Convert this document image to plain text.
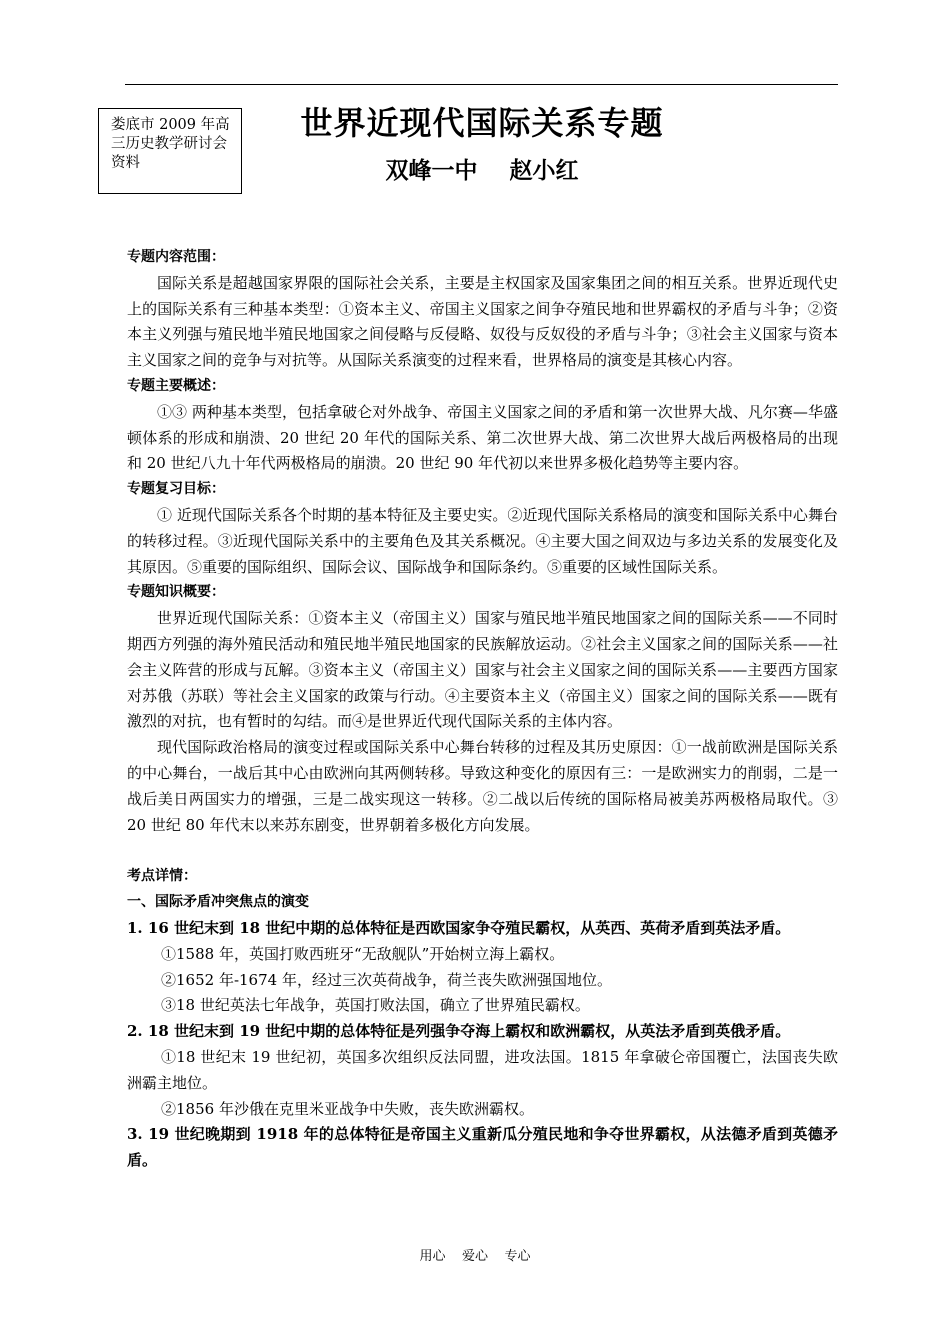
娄底市 2009 年高三历史教学研讨会资料
世界近现代国际关系专题
双峰一中    赵小红

专题内容范围：

国际关系是超越国家界限的国际社会关系，主要是主权国家及国家集团之间的相互关系。世界近现代史上的国际关系有三种基本类型：①资本主义、帝国主义国家之间争夺殖民地和世界霸权的矛盾与斗争；②资本主义列强与殖民地半殖民地国家之间侵略与反侵略、奴役与反奴役的矛盾与斗争；③社会主义国家与资本主义国家之间的竞争与对抗等。从国际关系演变的过程来看，世界格局的演变是其核心内容。

专题主要概述：

①③ 两种基本类型，包括拿破仑对外战争、帝国主义国家之间的矛盾和第一次世界大战、凡尔赛—华盛顿体系的形成和崩溃、20 世纪 20 年代的国际关系、第二次世界大战、第二次世界大战后两极格局的出现和 20 世纪八九十年代两极格局的崩溃。20 世纪 90 年代初以来世界多极化趋势等主要内容。

专题复习目标：

① 近现代国际关系各个时期的基本特征及主要史实。②近现代国际关系格局的演变和国际关系中心舞台的转移过程。③近现代国际关系中的主要角色及其关系概况。④主要大国之间双边与多边关系的发展变化及其原因。⑤重要的国际组织、国际会议、国际战争和国际条约。⑤重要的区域性国际关系。

专题知识概要：

世界近现代国际关系：①资本主义（帝国主义）国家与殖民地半殖民地国家之间的国际关系——不同时期西方列强的海外殖民活动和殖民地半殖民地国家的民族解放运动。②社会主义国家之间的国际关系——社会主义阵营的形成与瓦解。③资本主义（帝国主义）国家与社会主义国家之间的国际关系——主要西方国家对苏俄（苏联）等社会主义国家的政策与行动。④主要资本主义（帝国主义）国家之间的国际关系——既有激烈的对抗，也有暂时的勾结。而④是世界近代现代国际关系的主体内容。

现代国际政治格局的演变过程或国际关系中心舞台转移的过程及其历史原因：①一战前欧洲是国际关系的中心舞台，一战后其中心由欧洲向其两侧转移。导致这种变化的原因有三：一是欧洲实力的削弱，二是一战后美日两国实力的增强，三是二战实现这一转移。②二战以后传统的国际格局被美苏两极格局取代。③ 20 世纪 80 年代末以来苏东剧变，世界朝着多极化方向发展。

考点详情：

一、国际矛盾冲突焦点的演变

1. 16 世纪末到 18 世纪中期的总体特征是西欧国家争夺殖民霸权，从英西、英荷矛盾到英法矛盾。

①1588 年，英国打败西班牙“无敌舰队”开始树立海上霸权。

②1652 年-1674 年，经过三次英荷战争，荷兰丧失欧洲强国地位。

③18 世纪英法七年战争，英国打败法国，确立了世界殖民霸权。

2. 18 世纪末到 19 世纪中期的总体特征是列强争夺海上霸权和欧洲霸权，从英法矛盾到英俄矛盾。

①18 世纪末 19 世纪初，英国多次组织反法同盟，进攻法国。1815 年拿破仑帝国覆亡，法国丧失欧洲霸主地位。

②1856 年沙俄在克里米亚战争中失败，丧失欧洲霸权。

3. 19 世纪晚期到 1918 年的总体特征是帝国主义重新瓜分殖民地和争夺世界霸权，从法德矛盾到英德矛盾。

用心    爱心    专心
